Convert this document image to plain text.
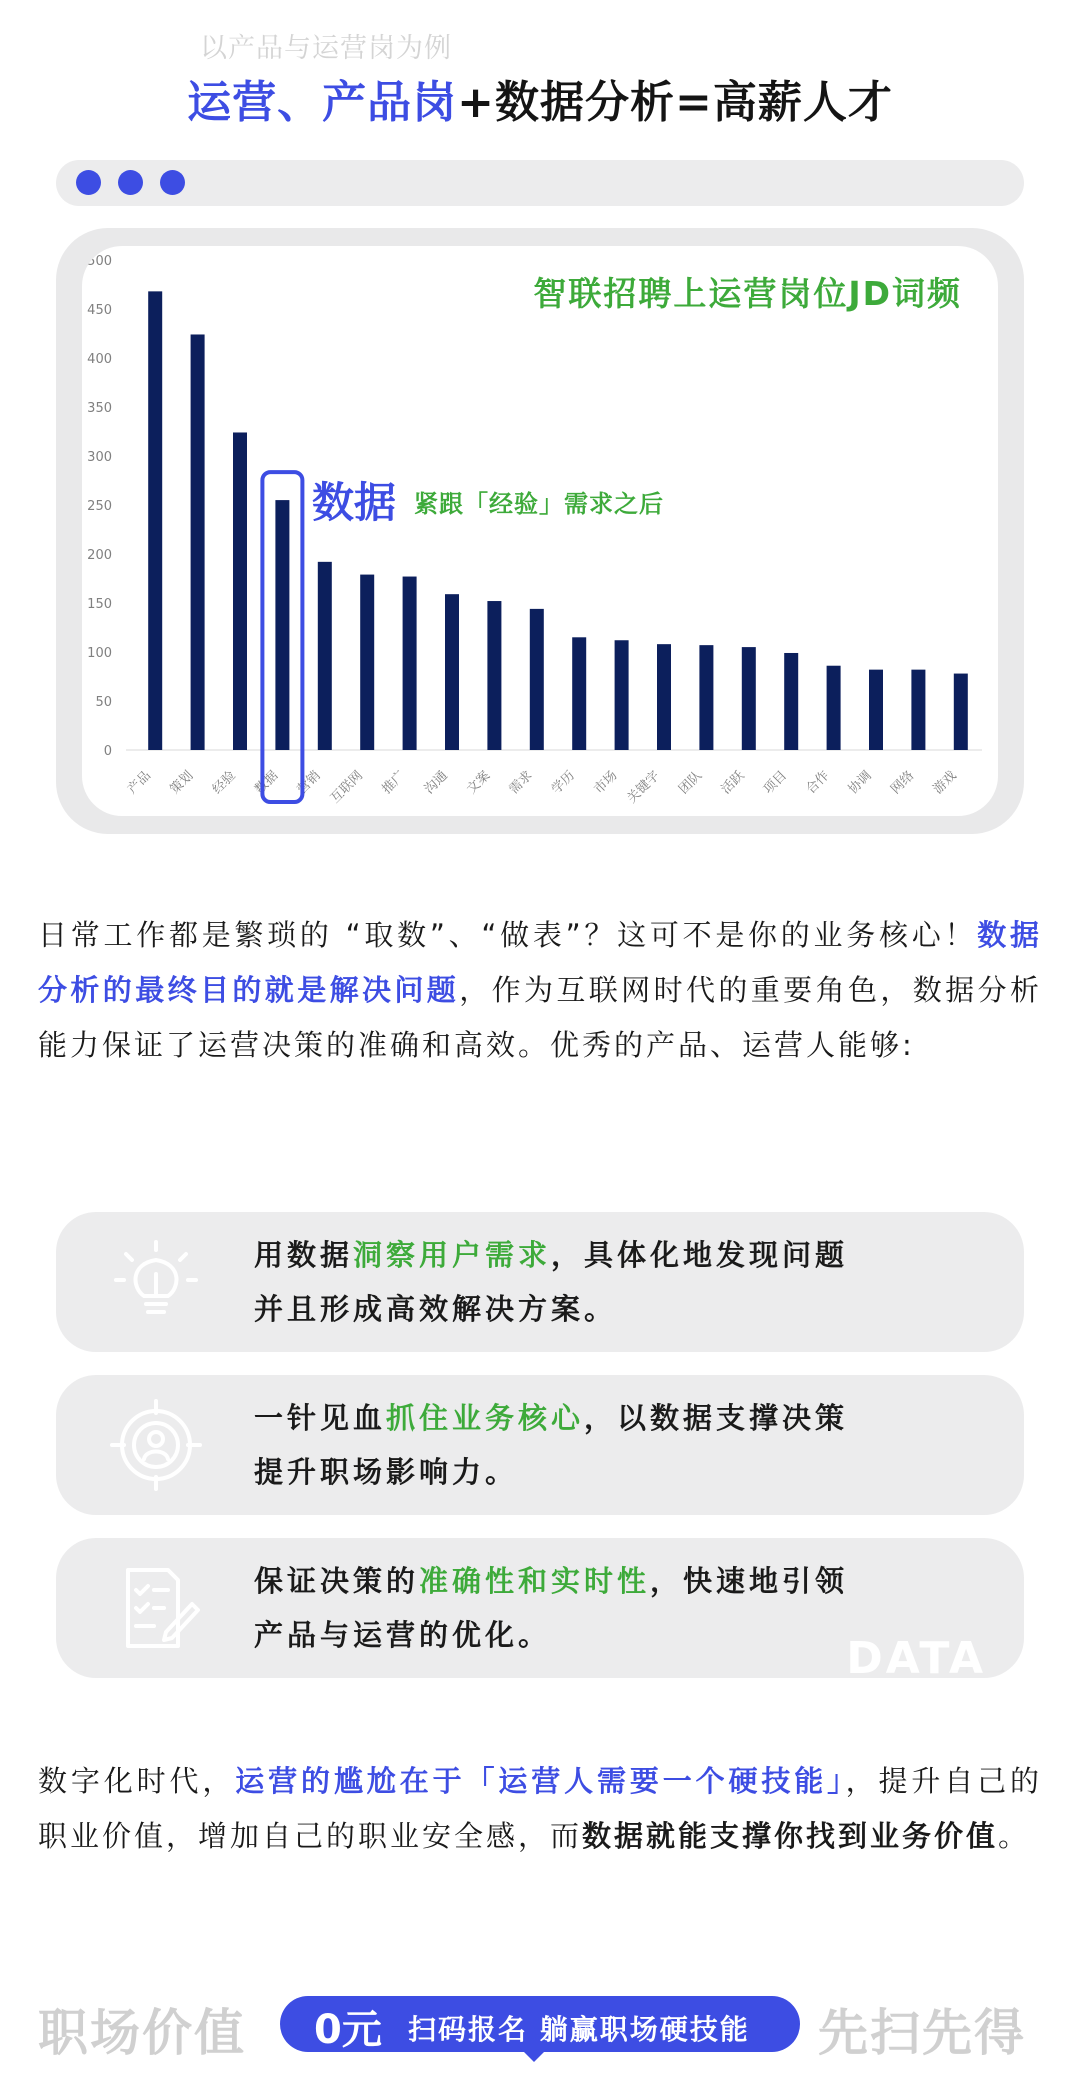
以产品与运营岗为例
运营、产品岗+数据分析=高薪人才
500
450
400
350
300
250
200
150
100
50
0
产品 策划 经验 数据 营销 互联网 推广 沟通 文案 需求 学历 市场 关键字 团队 活跃 项目 合作 协调 网络 游戏
智联招聘上运营岗位JD词频
数据 紧跟「经验」需求之后
日常工作都是繁琐的 “取数”、“做表”？这可不是你的业务核心！数据分析的最终目的就是解决问题，作为互联网时代的重要角色，数据分析能力保证了运营决策的准确和高效。优秀的产品、运营人能够:
用数据洞察用户需求，具体化地发现问题
并且形成高效解决方案。
一针见血抓住业务核心，以数据支撑决策
提升职场影响力。
保证决策的准确性和实时性，快速地引领
产品与运营的优化。	DATA
数字化时代，运营的尴尬在于「运营人需要一个硬技能」，提升自己的职业价值，增加自己的职业安全感，而数据就能支撑你找到业务价值。
职场价值 0元 扫码报名 躺赢职场硬技能 先扫先得
